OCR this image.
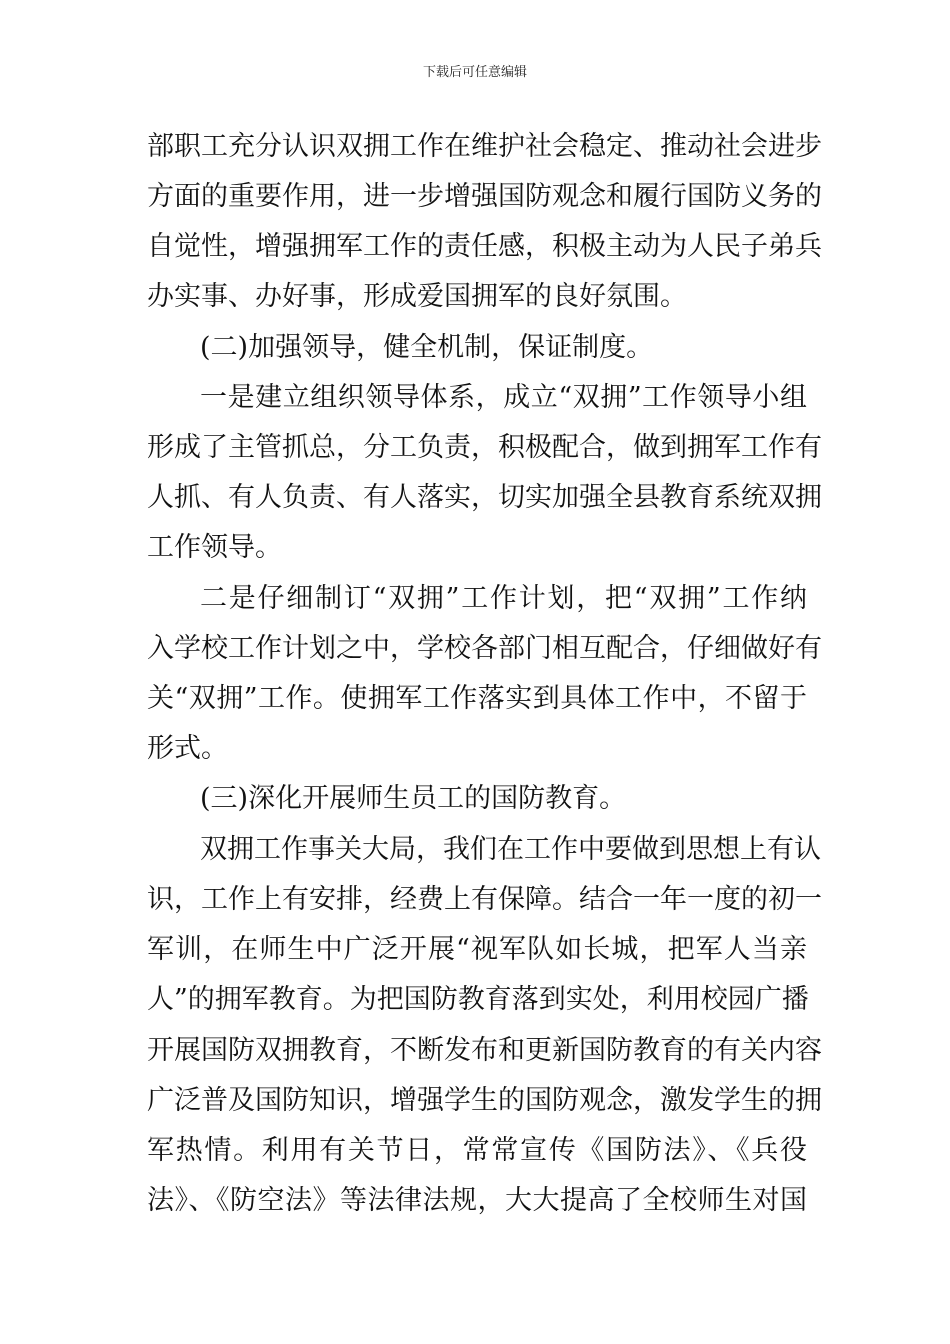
下载后可任意编辑
部职工充分认识双拥工作在维护社会稳定、推动社会进步
方面的重要作用，进一步增强国防观念和履行国防义务的
自觉性，增强拥军工作的责任感，积极主动为人民子弟兵
办实事、办好事，形成爱国拥军的良好氛围。
(二)加强领导，健全机制，保证制度。
一是建立组织领导体系，成立“双拥”工作领导小组
形成了主管抓总，分工负责，积极配合，做到拥军工作有
人抓、有人负责、有人落实，切实加强全县教育系统双拥
工作领导。
二是仔细制订“双拥”工作计划，把“双拥”工作纳
入学校工作计划之中，学校各部门相互配合，仔细做好有
关“双拥”工作。使拥军工作落实到具体工作中，不留于
形式。
(三)深化开展师生员工的国防教育。
双拥工作事关大局，我们在工作中要做到思想上有认
识，工作上有安排，经费上有保障。结合一年一度的初一
军训，在师生中广泛开展“视军队如长城，把军人当亲
人”的拥军教育。为把国防教育落到实处，利用校园广播
开展国防双拥教育，不断发布和更新国防教育的有关内容
广泛普及国防知识，增强学生的国防观念，激发学生的拥
军热情。利用有关节日，常常宣传《国防法》、《兵役
法》、《防空法》等法律法规，大大提高了全校师生对国
